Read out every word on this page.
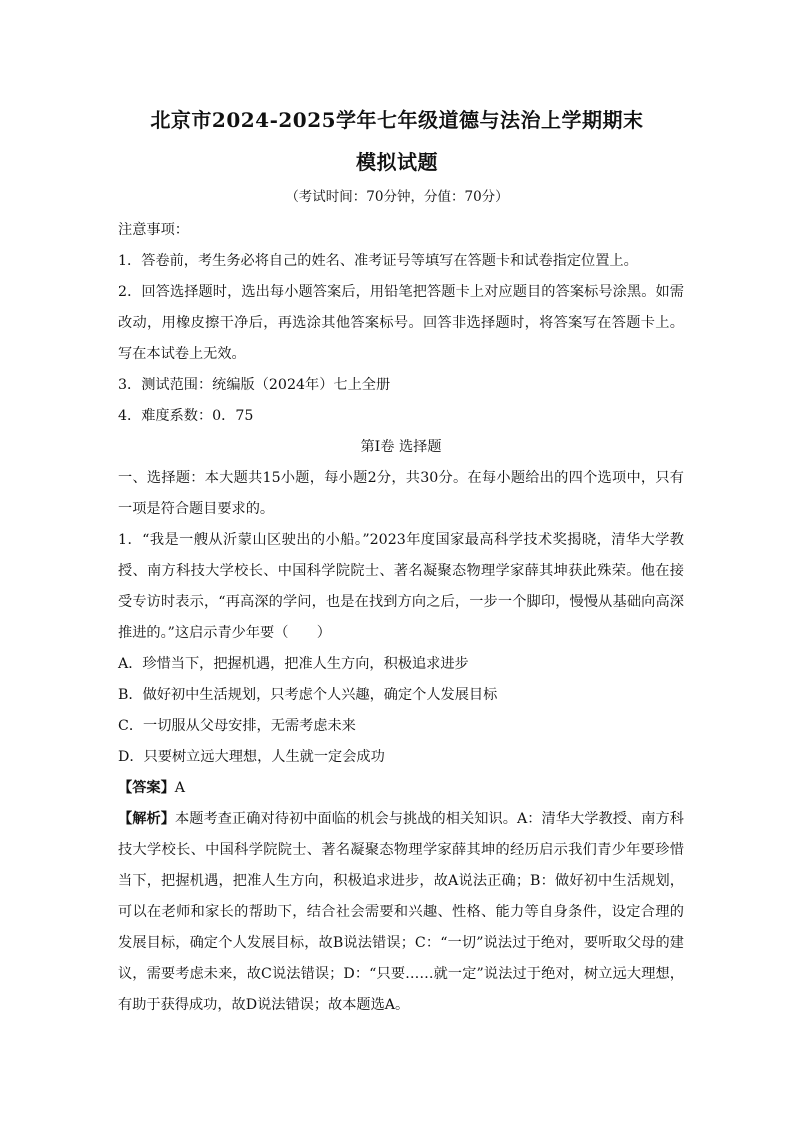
北京市2024-2025学年七年级道德与法治上学期期末
模拟试题
（考试时间：70分钟，分值：70分）
注意事项：
1．答卷前，考生务必将自己的姓名、准考证号等填写在答题卡和试卷指定位置上。
2．回答选择题时，选出每小题答案后，用铅笔把答题卡上对应题目的答案标号涂黑。如需改动，用橡皮擦干净后，再选涂其他答案标号。回答非选择题时，将答案写在答题卡上。写在本试卷上无效。
3．测试范围：统编版（2024年）七上全册
4．难度系数：0．75
第Ⅰ卷 选择题
一、选择题：本大题共15小题，每小题2分，共30分。在每小题给出的四个选项中，只有一项是符合题目要求的。
1．“我是一艘从沂蒙山区驶出的小船。”2023年度国家最高科学技术奖揭晓，清华大学教授、南方科技大学校长、中国科学院院士、著名凝聚态物理学家薛其坤获此殊荣。他在接受专访时表示，“再高深的学问，也是在找到方向之后，一步一个脚印，慢慢从基础向高深推进的。”这启示青少年要（　　）
A．珍惜当下，把握机遇，把准人生方向，积极追求进步
B．做好初中生活规划，只考虑个人兴趣，确定个人发展目标
C．一切服从父母安排，无需考虑未来
D．只要树立远大理想，人生就一定会成功
【答案】A
【解析】本题考查正确对待初中面临的机会与挑战的相关知识。A：清华大学教授、南方科技大学校长、中国科学院院士、著名凝聚态物理学家薛其坤的经历启示我们青少年要珍惜当下，把握机遇，把准人生方向，积极追求进步，故A说法正确；B：做好初中生活规划，可以在老师和家长的帮助下，结合社会需要和兴趣、性格、能力等自身条件，设定合理的发展目标，确定个人发展目标，故B说法错误；C：“一切”说法过于绝对，要听取父母的建议，需要考虑未来，故C说法错误；D：“只要……就一定”说法过于绝对，树立远大理想，有助于获得成功，故D说法错误；故本题选A。
